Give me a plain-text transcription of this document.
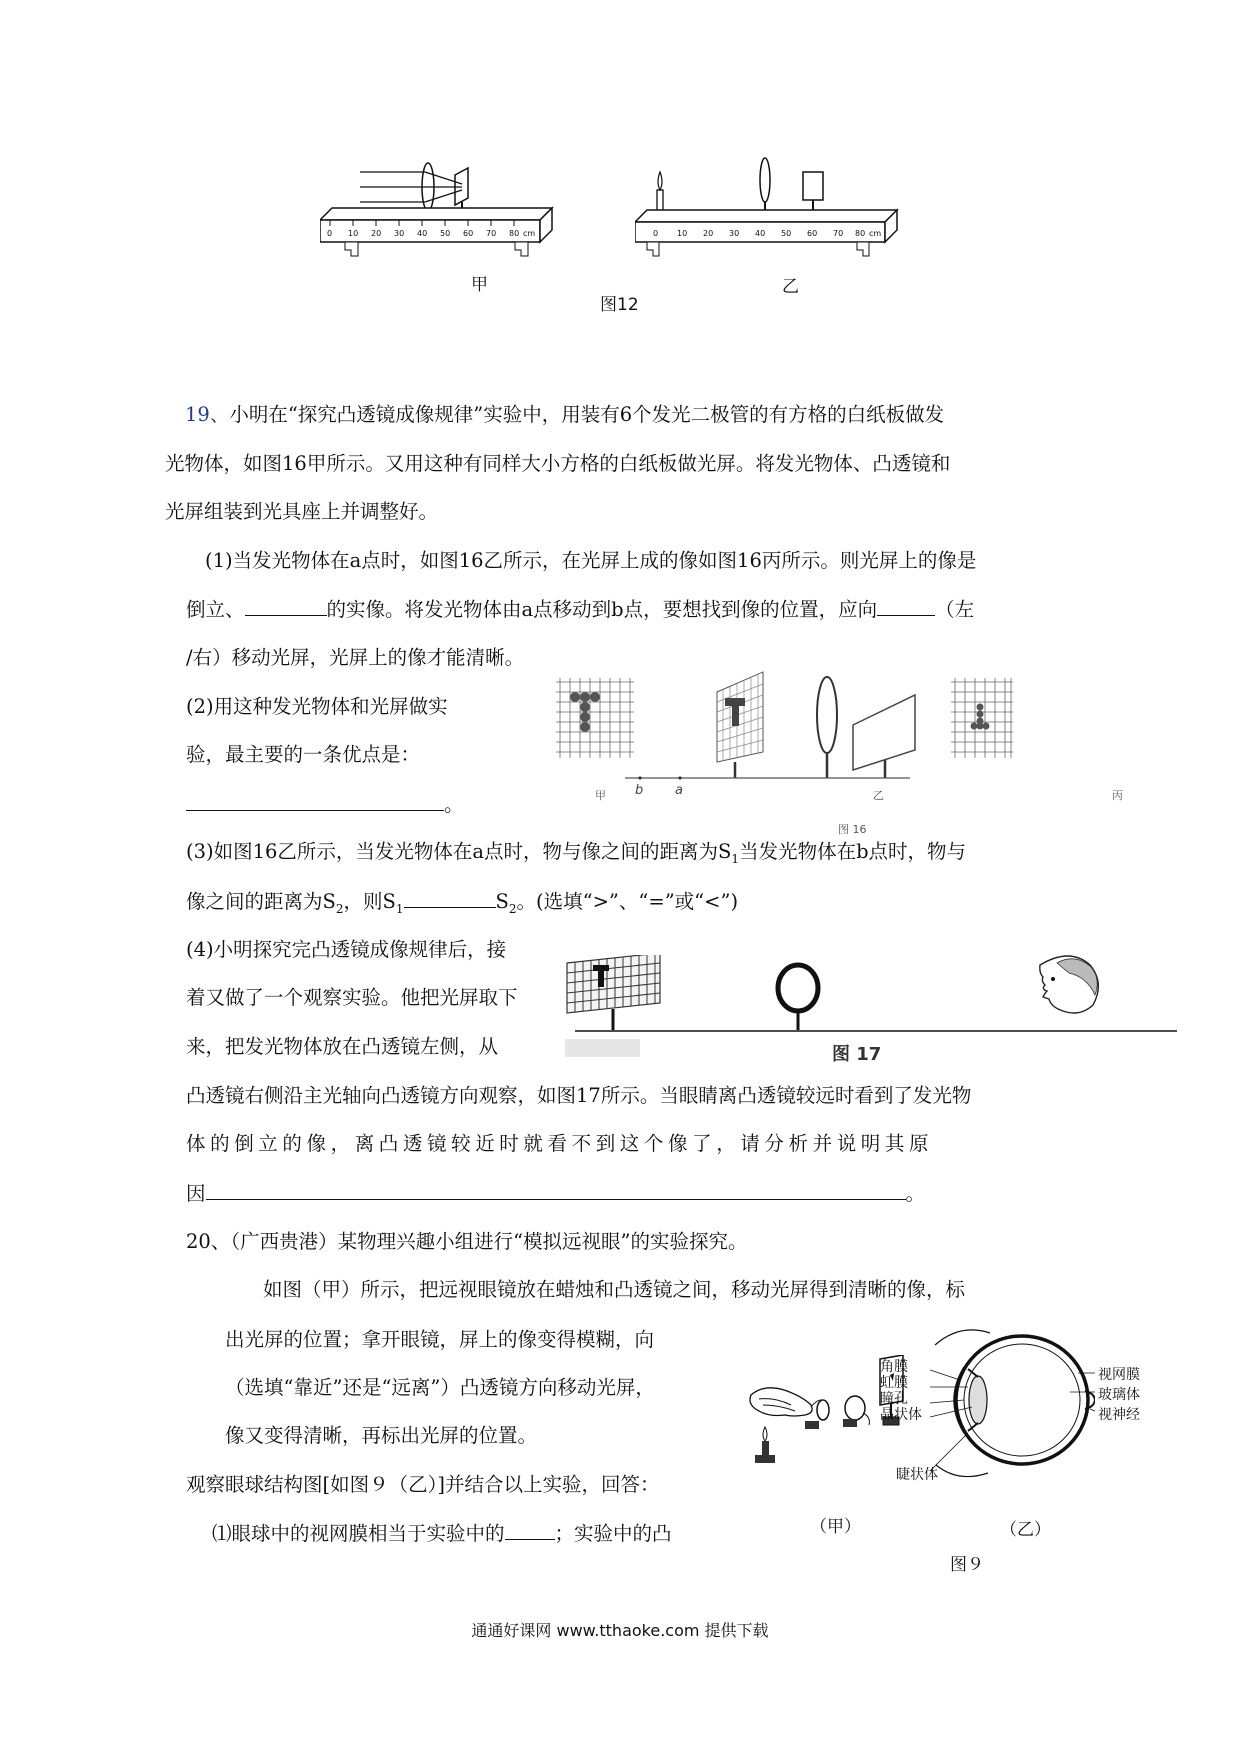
0 10 20 30 40 50 60 70 80 cm	0 10 20 30 40 50 60 70 80 cm
甲	乙
图12
19、小明在“探究凸透镜成像规律”实验中，用装有6个发光二极管的有方格的白纸板做发
光物体，如图16甲所示。又用这种有同样大小方格的白纸板做光屏。将发光物体、凸透镜和
光屏组装到光具座上并调整好。
(1)当发光物体在a点时，如图16乙所示，在光屏上成的像如图16丙所示。则光屏上的像是
倒立、	的实像。将发光物体由a点移动到b点，要想找到像的位置，应向	（左
/右）移动光屏，光屏上的像才能清晰。
(2)用这种发光物体和光屏做实
验，最主要的一条优点是：
。
b a
甲	乙	丙
图 16
(3)如图16乙所示，当发光物体在a点时，物与像之间的距离为$S_1$当发光物体在b点时，物与
像之间的距离为$S_2$，则$S_1$	$S_2$。(选填“>”、“=”或“<”)
(4)小明探究完凸透镜成像规律后，接
着又做了一个观察实验。他把光屏取下
来，把发光物体放在凸透镜左侧，从	图 17
凸透镜右侧沿主光轴向凸透镜方向观察，如图17所示。当眼睛离凸透镜较远时看到了发光物
体的倒立的像，离凸透镜较近时就看不到这个像了，请分析并说明其原
因	。
20、（广西贵港）某物理兴趣小组进行“模拟远视眼”的实验探究。
如图（甲）所示，把远视眼镜放在蜡烛和凸透镜之间，移动光屏得到清晰的像，标
出光屏的位置；拿开眼镜，屏上的像变得模糊，向
（选填“靠近”还是“远离”）凸透镜方向移动光屏，
像又变得清晰，再标出光屏的位置。
观察眼球结构图[如图９（乙）]并结合以上实验，回答：
⑴眼球中的视网膜相当于实验中的	；实验中的凸
角膜
虹膜
瞳孔
晶状体
睫状体
视网膜
玻璃体
视神经
（甲）	（乙）
图９
通通好课网 www.tthaoke.com 提供下载
